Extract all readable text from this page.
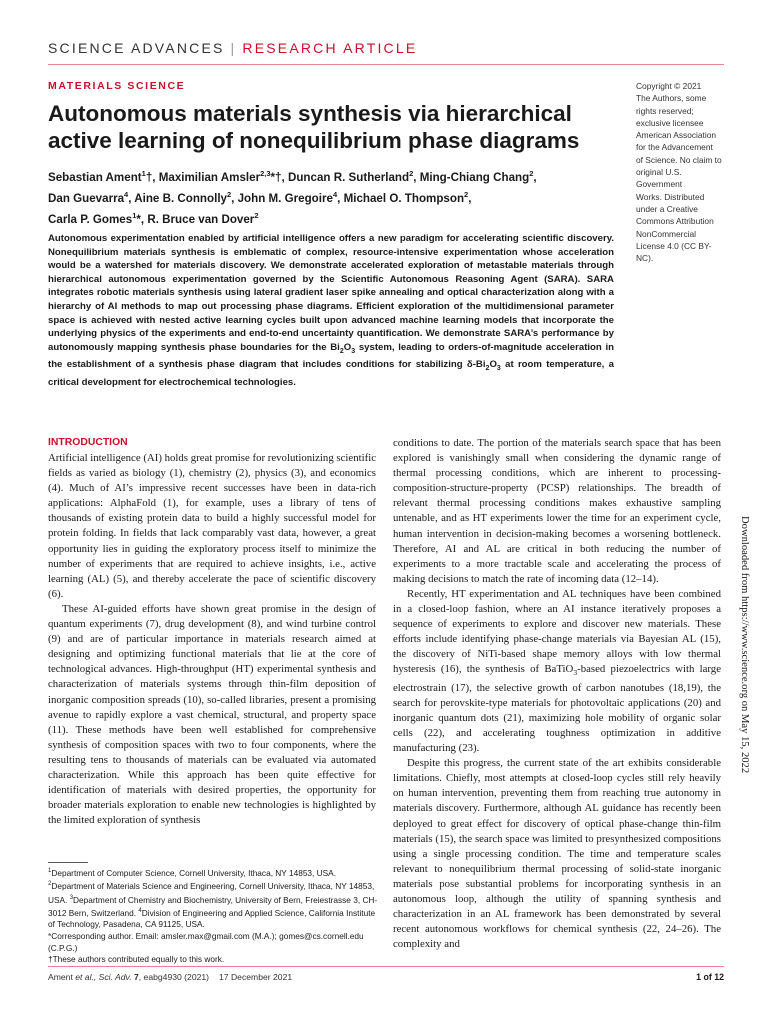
SCIENCE ADVANCES | RESEARCH ARTICLE
MATERIALS SCIENCE
Autonomous materials synthesis via hierarchical active learning of nonequilibrium phase diagrams
Sebastian Ament$^1$†, Maximilian Amsler$^{2,3}$*†, Duncan R. Sutherland$^2$, Ming-Chiang Chang$^2$,
Dan Guevarra$^4$, Aine B. Connolly$^2$, John M. Gregoire$^4$, Michael O. Thompson$^2$,
Carla P. Gomes$^1$*, R. Bruce van Dover$^2$
Copyright © 2021
The Authors, some
rights reserved;
exclusive licensee
American Association
for the Advancement
of Science. No claim to
original U.S. Government
Works. Distributed
under a Creative
Commons Attribution
NonCommercial
License 4.0 (CC BY-NC).

Autonomous experimentation enabled by artificial intelligence offers a new paradigm for accelerating scientific discovery. Nonequilibrium materials synthesis is emblematic of complex, resource-intensive experimentation whose acceleration would be a watershed for materials discovery. We demonstrate accelerated exploration of metastable materials through hierarchical autonomous experimentation governed by the Scientific Autonomous Reasoning Agent (SARA). SARA integrates robotic materials synthesis using lateral gradient laser spike annealing and optical characterization along with a hierarchy of AI methods to map out processing phase diagrams. Efficient exploration of the multidimensional parameter space is achieved with nested active learning cycles built upon advanced machine learning models that incorporate the underlying physics of the experiments and end-to-end uncertainty quantification. We demonstrate SARA’s performance by autonomously mapping synthesis phase boundaries for the $Bi_2O_3$ system, leading to orders-of-magnitude acceleration in the establishment of a synthesis phase diagram that includes conditions for stabilizing $\delta-Bi_2O_3$ at room temperature, a critical development for electrochemical technologies.

INTRODUCTION

Artificial intelligence (AI) holds great promise for revolutionizing scientific fields as varied as biology (1), chemistry (2), physics (3), and economics (4). Much of AI’s impressive recent successes have been in data-rich applications: AlphaFold (1), for example, uses a library of tens of thousands of existing protein data to build a highly successful model for protein folding. In fields that lack comparably vast data, however, a great opportunity lies in guiding the exploratory process itself to minimize the number of experiments that are required to achieve insights, i.e., active learning (AL) (5), and thereby accelerate the pace of scientific discovery (6).

These AI-guided efforts have shown great promise in the design of quantum experiments (7), drug development (8), and wind turbine control (9) and are of particular importance in materials research aimed at designing and optimizing functional materials that lie at the core of technological advances. High-throughput (HT) experimental synthesis and characterization of materials systems through thin-film deposition of inorganic composition spreads (10), so-called libraries, present a promising avenue to rapidly explore a vast chemical, structural, and property space (11). These methods have been well established for comprehensive synthesis of composition spaces with two to four components, where the resulting tens to thousands of materials can be evaluated via automated characterization. While this approach has been quite effective for identification of materials with desired properties, the opportunity for broader materials exploration to enable new technologies is highlighted by the limited exploration of synthesis

conditions to date. The portion of the materials search space that has been explored is vanishingly small when considering the dynamic range of thermal processing conditions, which are inherent to processing-composition-structure-property (PCSP) relationships. The breadth of relevant thermal processing conditions makes exhaustive sampling untenable, and as HT experiments lower the time for an experiment cycle, human intervention in decision-making becomes a worsening bottleneck. Therefore, AI and AL are critical in both reducing the number of experiments to a more tractable scale and accelerating the process of making decisions to match the rate of incoming data (12–14).

Recently, HT experimentation and AL techniques have been combined in a closed-loop fashion, where an AI instance iteratively proposes a sequence of experiments to explore and discover new materials. These efforts include identifying phase-change materials via Bayesian AL (15), the discovery of NiTi-based shape memory alloys with low thermal hysteresis (16), the synthesis of BaTiO$_3$-based piezoelectrics with large electrostrain (17), the selective growth of carbon nanotubes (18,19), the search for perovskite-type materials for photovoltaic applications (20) and inorganic quantum dots (21), maximizing hole mobility of organic solar cells (22), and accelerating toughness optimization in additive manufacturing (23).

Despite this progress, the current state of the art exhibits considerable limitations. Chiefly, most attempts at closed-loop cycles still rely heavily on human intervention, preventing them from reaching true autonomy in materials discovery. Furthermore, although AL guidance has recently been deployed to great effect for discovery of optical phase-change thin-film materials (15), the search space was limited to presynthesized compositions using a single processing condition. The time and temperature scales relevant to nonequilibrium thermal processing of solid-state inorganic materials pose substantial problems for incorporating synthesis in an autonomous loop, although the utility of spanning synthesis and characterization in an AL framework has been demonstrated by several recent autonomous workflows for chemical synthesis (22, 24–26). The complexity and

$^1$Department of Computer Science, Cornell University, Ithaca, NY 14853, USA. $^2$Department of Materials Science and Engineering, Cornell University, Ithaca, NY 14853, USA. $^3$Department of Chemistry and Biochemistry, University of Bern, Freiestrasse 3, CH-3012 Bern, Switzerland. $^4$Division of Engineering and Applied Science, California Institute of Technology, Pasadena, CA 91125, USA.

*Corresponding author. Email: amsler.max@gmail.com (M.A.); gomes@cs.cornell.edu (C.P.G.)

†These authors contributed equally to this work.

Downloaded from https://www.science.org on May 15, 2022
Ament et al., Sci. Adv. 7, eabg4930 (2021) 17 December 2021	1 of 12
